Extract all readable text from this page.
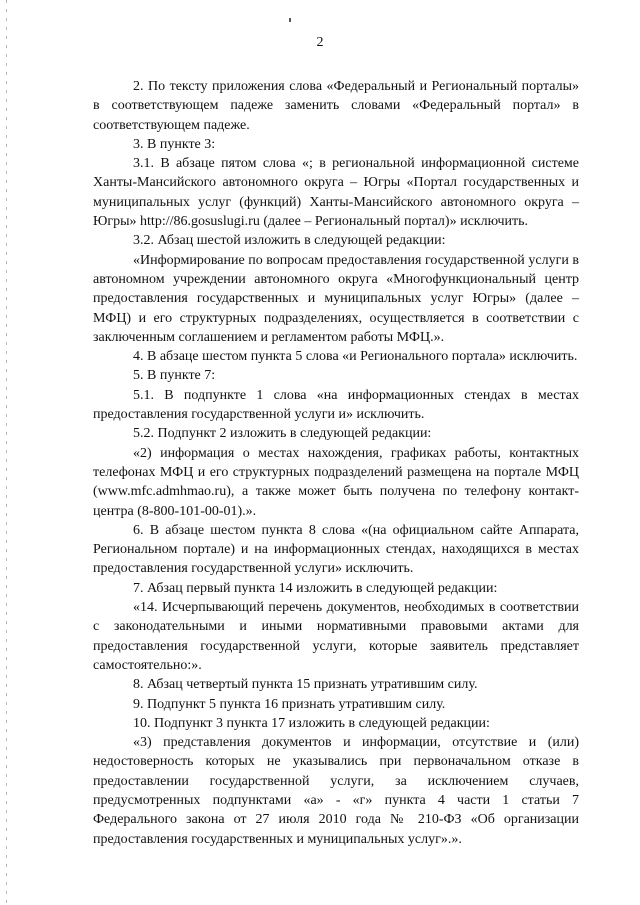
2

2. По тексту приложения слова «Федеральный и Региональный порталы» в соответствующем падеже заменить словами «Федеральный портал» в соответствующем падеже.

3. В пункте 3:

3.1. В абзаце пятом слова «; в региональной информационной системе Ханты-Мансийского автономного округа – Югры «Портал государственных и муниципальных услуг (функций) Ханты-Мансийского автономного округа – Югры» http://86.gosuslugi.ru (далее – Региональный портал)» исключить.

3.2. Абзац шестой изложить в следующей редакции:

«Информирование по вопросам предоставления государственной услуги в автономном учреждении автономного округа «Многофункциональный центр предоставления государственных и муниципальных услуг Югры» (далее – МФЦ) и его структурных подразделениях, осуществляется в соответствии с заключенным соглашением и регламентом работы МФЦ.».

4. В абзаце шестом пункта 5 слова «и Регионального портала» исключить.

5. В пункте 7:

5.1. В подпункте 1 слова «на информационных стендах в местах предоставления государственной услуги и» исключить.

5.2. Подпункт 2 изложить в следующей редакции:

«2) информация о местах нахождения, графиках работы, контактных телефонах МФЦ и его структурных подразделений размещена на портале МФЦ (www.mfc.admhmao.ru), а также может быть получена по телефону контакт-центра (8-800-101-00-01).».

6. В абзаце шестом пункта 8 слова «(на официальном сайте Аппарата, Региональном портале) и на информационных стендах, находящихся в местах предоставления государственной услуги» исключить.

7. Абзац первый пункта 14 изложить в следующей редакции:

«14. Исчерпывающий перечень документов, необходимых в соответствии с законодательными и иными нормативными правовыми актами для предоставления государственной услуги, которые заявитель представляет самостоятельно:».

8. Абзац четвертый пункта 15 признать утратившим силу.

9. Подпункт 5 пункта 16 признать утратившим силу.

10. Подпункт 3 пункта 17 изложить в следующей редакции:

«3) представления документов и информации, отсутствие и (или) недостоверность которых не указывались при первоначальном отказе в предоставлении государственной услуги, за исключением случаев, предусмотренных подпунктами «а» - «г» пункта 4 части 1 статьи 7 Федерального закона от 27 июля 2010 года № 210-ФЗ «Об организации предоставления государственных и муниципальных услуг».».
